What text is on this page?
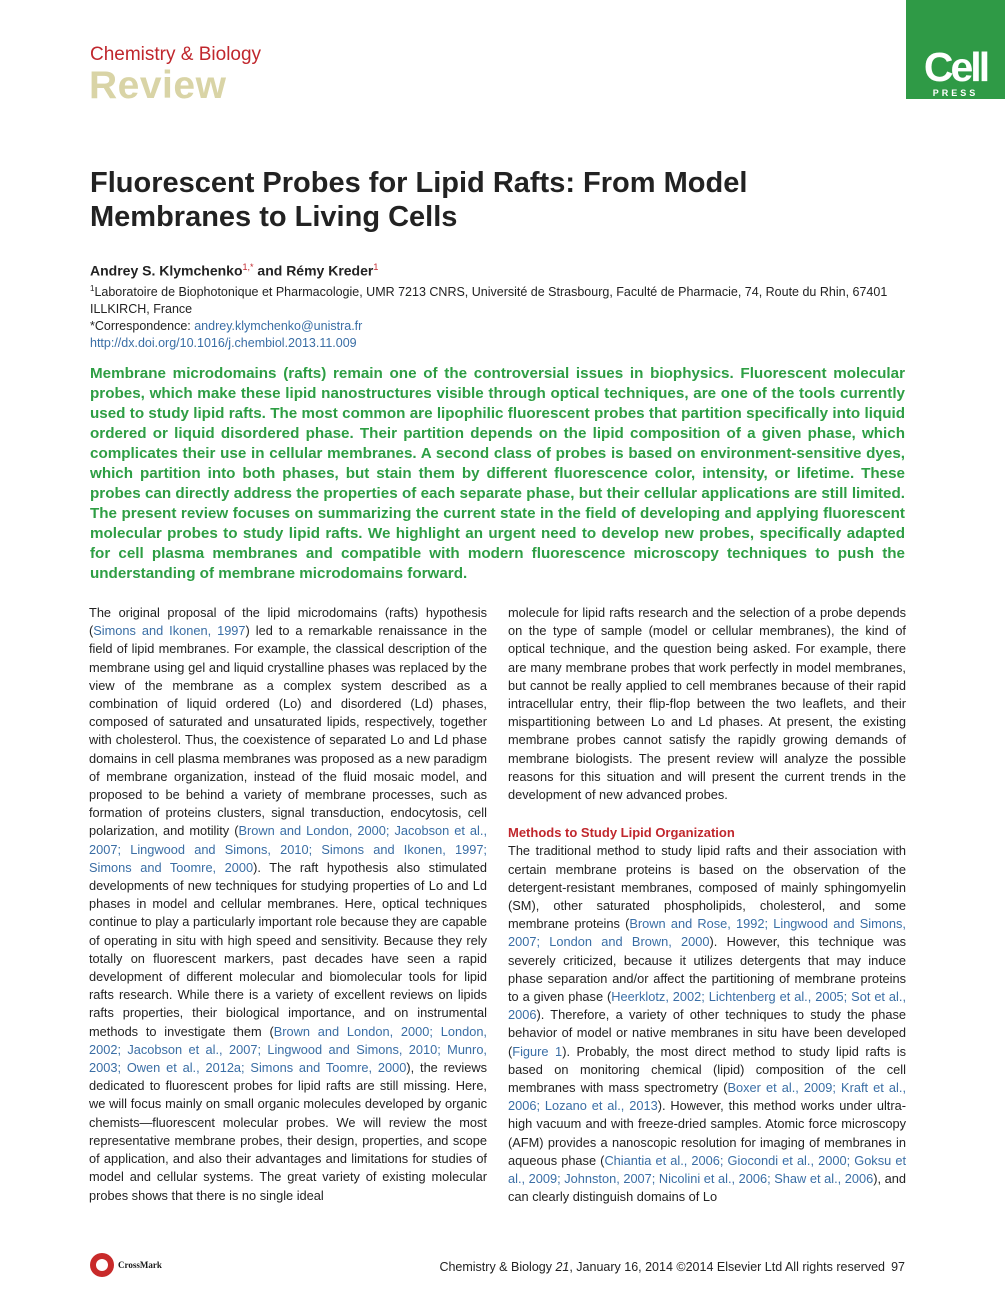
Chemistry & Biology
Review	Cell
PRESS
Fluorescent Probes for Lipid Rafts: From Model Membranes to Living Cells
Andrey S. Klymchenko$^{1,*}$ and Rémy Kreder$^1$
$^1$Laboratoire de Biophotonique et Pharmacologie, UMR 7213 CNRS, Université de Strasbourg, Faculté de Pharmacie, 74, Route du Rhin, 67401 ILLKIRCH, France
*Correspondence: andrey.klymchenko@unistra.fr
http://dx.doi.org/10.1016/j.chembiol.2013.11.009

Membrane microdomains (rafts) remain one of the controversial issues in biophysics. Fluorescent molecular probes, which make these lipid nanostructures visible through optical techniques, are one of the tools currently used to study lipid rafts. The most common are lipophilic fluorescent probes that partition specifically into liquid ordered or liquid disordered phase. Their partition depends on the lipid composition of a given phase, which complicates their use in cellular membranes. A second class of probes is based on environment-sensitive dyes, which partition into both phases, but stain them by different fluorescence color, intensity, or lifetime. These probes can directly address the properties of each separate phase, but their cellular applications are still limited. The present review focuses on summarizing the current state in the field of developing and applying fluorescent molecular probes to study lipid rafts. We highlight an urgent need to develop new probes, specifically adapted for cell plasma membranes and compatible with modern fluorescence microscopy techniques to push the understanding of membrane microdomains forward.

The original proposal of the lipid microdomains (rafts) hypothesis (Simons and Ikonen, 1997) led to a remarkable renaissance in the field of lipid membranes. For example, the classical description of the membrane using gel and liquid crystalline phases was replaced by the view of the membrane as a complex system described as a combination of liquid ordered (Lo) and disordered (Ld) phases, composed of saturated and unsaturated lipids, respectively, together with cholesterol. Thus, the coexistence of separated Lo and Ld phase domains in cell plasma membranes was proposed as a new paradigm of membrane organization, instead of the fluid mosaic model, and proposed to be behind a variety of membrane processes, such as formation of proteins clusters, signal transduction, endocytosis, cell polarization, and motility (Brown and London, 2000; Jacobson et al., 2007; Lingwood and Simons, 2010; Simons and Ikonen, 1997; Simons and Toomre, 2000). The raft hypothesis also stimulated developments of new techniques for studying properties of Lo and Ld phases in model and cellular membranes. Here, optical techniques continue to play a particularly important role because they are capable of operating in situ with high speed and sensitivity. Because they rely totally on fluorescent markers, past decades have seen a rapid development of different molecular and biomolecular tools for lipid rafts research. While there is a variety of excellent reviews on lipids rafts properties, their biological importance, and on instrumental methods to investigate them (Brown and London, 2000; London, 2002; Jacobson et al., 2007; Lingwood and Simons, 2010; Munro, 2003; Owen et al., 2012a; Simons and Toomre, 2000), the reviews dedicated to fluorescent probes for lipid rafts are still missing. Here, we will focus mainly on small organic molecules developed by organic chemists—fluorescent molecular probes. We will review the most representative membrane probes, their design, properties, and scope of application, and also their advantages and limitations for studies of model and cellular systems. The great variety of existing molecular probes shows that there is no single ideal

molecule for lipid rafts research and the selection of a probe depends on the type of sample (model or cellular membranes), the kind of optical technique, and the question being asked. For example, there are many membrane probes that work perfectly in model membranes, but cannot be really applied to cell membranes because of their rapid intracellular entry, their flip-flop between the two leaflets, and their mispartitioning between Lo and Ld phases. At present, the existing membrane probes cannot satisfy the rapidly growing demands of membrane biologists. The present review will analyze the possible reasons for this situation and will present the current trends in the development of new advanced probes.

Methods to Study Lipid Organization

The traditional method to study lipid rafts and their association with certain membrane proteins is based on the observation of the detergent-resistant membranes, composed of mainly sphingomyelin (SM), other saturated phospholipids, cholesterol, and some membrane proteins (Brown and Rose, 1992; Lingwood and Simons, 2007; London and Brown, 2000). However, this technique was severely criticized, because it utilizes detergents that may induce phase separation and/or affect the partitioning of membrane proteins to a given phase (Heerklotz, 2002; Lichtenberg et al., 2005; Sot et al., 2006). Therefore, a variety of other techniques to study the phase behavior of model or native membranes in situ have been developed (Figure 1). Probably, the most direct method to study lipid rafts is based on monitoring chemical (lipid) composition of the cell membranes with mass spectrometry (Boxer et al., 2009; Kraft et al., 2006; Lozano et al., 2013). However, this method works under ultra-high vacuum and with freeze-dried samples. Atomic force microscopy (AFM) provides a nanoscopic resolution for imaging of membranes in aqueous phase (Chiantia et al., 2006; Giocondi et al., 2000; Goksu et al., 2009; Johnston, 2007; Nicolini et al., 2006; Shaw et al., 2006), and can clearly distinguish domains of Lo

CrossMark	Chemistry & Biology 21, January 16, 2014 ©2014 Elsevier Ltd All rights reserved 97
